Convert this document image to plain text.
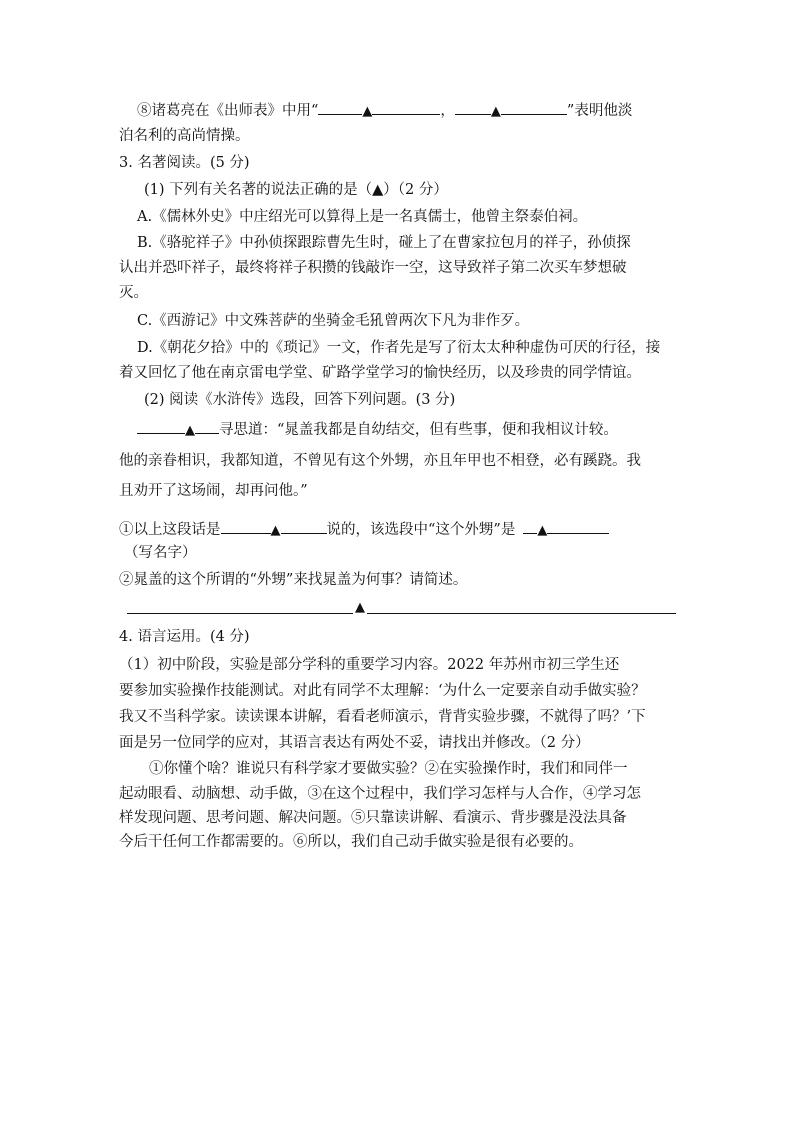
⑧诸葛亮在《出师表》中用“	▲	，	▲	”表明他淡
泊名利的高尚情操。
3. 名著阅读。(5 分)
(1) 下列有关名著的说法正确的是（▲）（2 分）
A.《儒林外史》中庄绍光可以算得上是一名真儒士，他曾主祭泰伯祠。
B.《骆驼祥子》中孙侦探跟踪曹先生时，碰上了在曹家拉包月的祥子，孙侦探
认出并恐吓祥子，最终将祥子积攒的钱敲诈一空，这导致祥子第二次买车梦想破
灭。
C.《西游记》中文殊菩萨的坐骑金毛犼曾两次下凡为非作歹。
D.《朝花夕拾》中的《琐记》一文，作者先是写了衍太太种种虚伪可厌的行径，接
着又回忆了他在南京雷电学堂、矿路学堂学习的愉快经历，以及珍贵的同学情谊。
(2) 阅读《水浒传》选段，回答下列问题。(3 分)
▲ 寻思道：“晁盖我都是自幼结交，但有些事，便和我相议计较。
他的亲眷相识，我都知道，不曾见有这个外甥，亦且年甲也不相登，必有蹊跷。我
且劝开了这场闹，却再问他。”
①以上这段话是	▲	说的，该选段中“这个外甥”是 ▲
（写名字）
②晁盖的这个所谓的“外甥”来找晁盖为何事？请简述。
▲
4. 语言运用。(4 分)
（1）初中阶段，实验是部分学科的重要学习内容。2022 年苏州市初三学生还
要参加实验操作技能测试。对此有同学不太理解：‘为什么一定要亲自动手做实验？
我又不当科学家。读读课本讲解，看看老师演示，背背实验步骤，不就得了吗？’下
面是另一位同学的应对，其语言表达有两处不妥，请找出并修改。（2 分）
①你懂个啥？谁说只有科学家才要做实验？②在实验操作时，我们和同伴一
起动眼看、动脑想、动手做，③在这个过程中，我们学习怎样与人合作，④学习怎
样发现问题、思考问题、解决问题。⑤只靠读讲解、看演示、背步骤是没法具备
今后干任何工作都需要的。⑥所以，我们自己动手做实验是很有必要的。
